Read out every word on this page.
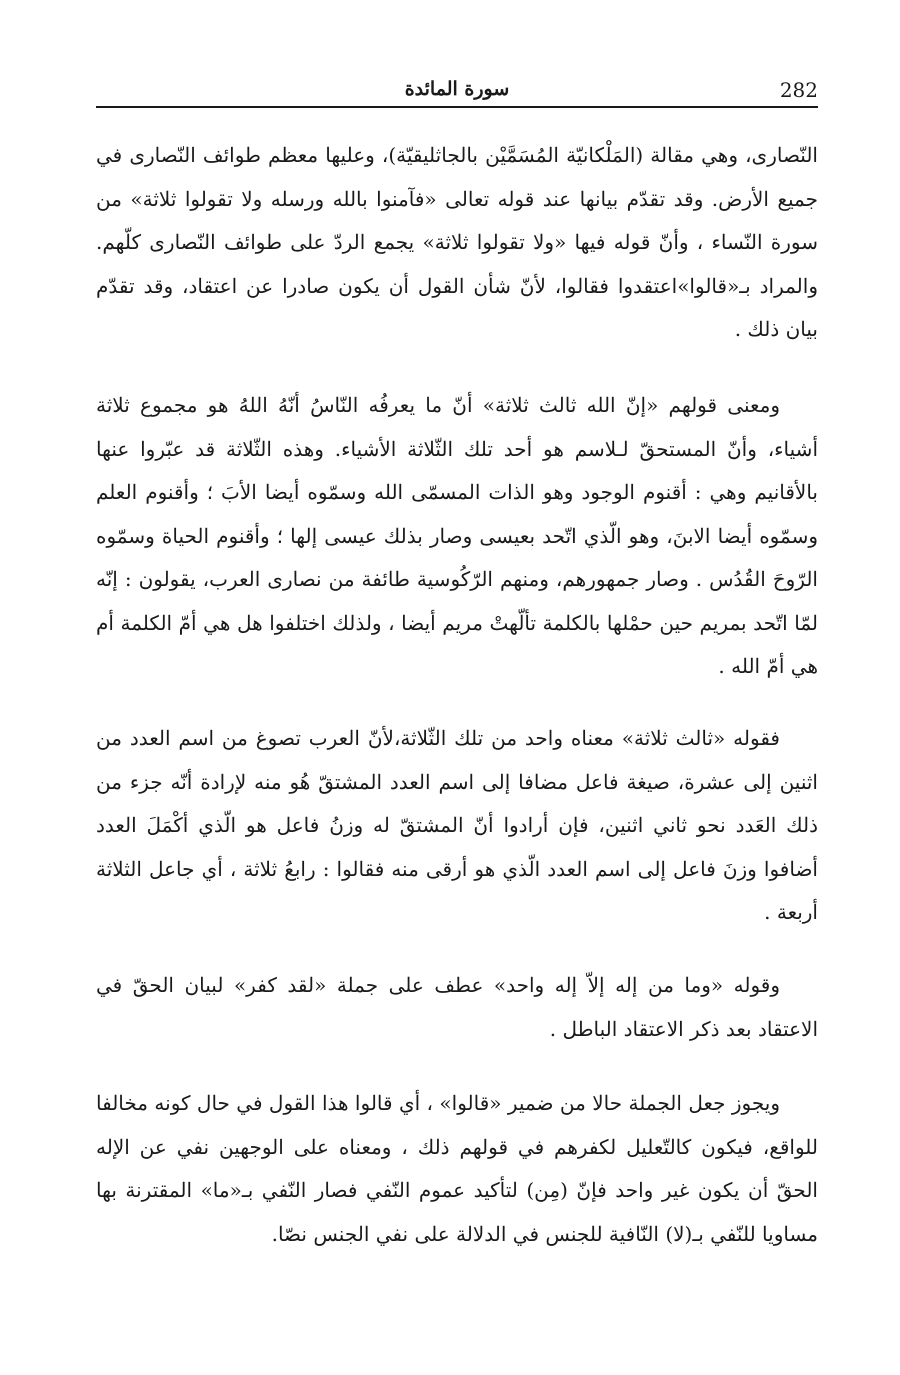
282
سورة المائدة

النّصارى، وهي مقالة (المَلْكانيّة المُسَمَّيْن بالجاثليقيّة)، وعليها معظم طوائف النّصارى في جميع الأرض. وقد تقدّم بيانها عند قوله تعالى «فآمنوا بالله ورسله ولا تقولوا ثلاثة» من سورة النّساء ، وأنّ قوله فيها «ولا تقولوا ثلاثة» يجمع الردّ على طوائف النّصارى كلّهم. والمراد بـ«قالوا»اعتقدوا فقالوا، لأنّ شأن القول أن يكون صادرا عن اعتقاد، وقد تقدّم بيان ذلك .

ومعنى قولهم «إنّ الله ثالث ثلاثة» أنّ ما يعرفُه النّاسُ أنّهُ اللهُ هو مجموع ثلاثة أشياء، وأنّ المستحقّ لـلاسم هو أحد تلك الثّلاثة الأشياء. وهذه الثّلاثة قد عبّروا عنها بالأقانيم وهي : أقنوم الوجود وهو الذات المسمّى الله وسمّوه أيضا الأبَ ؛ وأقنوم العلم وسمّوه أيضا الابنَ، وهو الّذي اتّحد بعيسى وصار بذلك عيسى إلها ؛ وأقنوم الحياة وسمّوه الرّوحَ القُدُس . وصار جمهورهم، ومنهم الرّكُوسية طائفة من نصارى العرب، يقولون : إنّه لمّا اتّحد بمريم حين حمْلها بالكلمة تألّهتْ مريم أيضا ، ولذلك اختلفوا هل هي أمّ الكلمة أم هي أمّ الله .

فقوله «ثالث ثلاثة» معناه واحد من تلك الثّلاثة،لأنّ العرب تصوغ من اسم العدد من اثنين إلى عشرة، صيغة فاعل مضافا إلى اسم العدد المشتقّ هُو منه لإرادة أنّه جزء من ذلك العَدد نحو ثاني اثنين، فإن أرادوا أنّ المشتقّ له وزنُ فاعل هو الّذي أكْمَلَ العدد أضافوا وزنَ فاعل إلى اسم العدد الّذي هو أرقى منه فقالوا : رابعُ ثلاثة ، أي جاعل الثلاثة أربعة .

وقوله «وما من إله إلاّ إله واحد» عطف على جملة «لقد كفر» لبيان الحقّ في الاعتقاد بعد ذكر الاعتقاد الباطل .

ويجوز جعل الجملة حالا من ضمير «قالوا» ، أي قالوا هذا القول في حال كونه مخالفا للواقع، فيكون كالتّعليل لكفرهم في قولهم ذلك ، ومعناه على الوجهين نفي عن الإله الحقّ أن يكون غير واحد فإنّ (مِن) لتأكيد عموم النّفي فصار النّفي بـ«ما» المقترنة بها مساويا للنّفي بـ(لا) النّافية للجنس في الدلالة على نفي الجنس نصّا.
